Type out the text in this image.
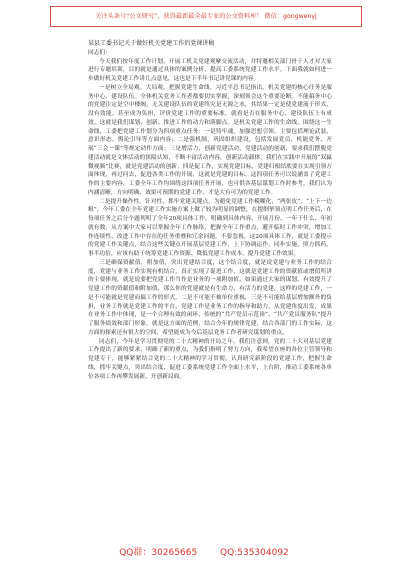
关注头条号“公文研究”，获得最新最全最专业的公文资料库！ 微信：gongwenyj

某县工委书记关于做好机关党建工作的党课讲稿

同志们：

今天我们按年度工作计划，开展工机关党建观摩交流活动，并特邀相关部门骨干人才对大家进行专题培训，目的就是通过具体的案例分析，提高工委系统党建工作水平。下面我就如何进一步做好机关党建工作讲几点意见，这也是下半年书记讲党课的内容。

一是树立全局观。大局观，把握党建生命线。习近平总书记指出，机关党建的核心任务是服务中心、建设队伍。全体机关党务工作者都要切实掌握，深刻领会这个重要论断。不能搞务中心的党建注定是空中楼阁，无关建设队伍的党建终究是无源之水，其结果一定是使党建流于形式，没有效能。甚至成为负担，评价党建工作的重要标准，就看是否在服务中心、建设队伍上有成效。这就是我们谋划、创新、推进工作的动力和落脚点。是机关党建工作的生命线，围绕这一生命线，工委把党建工作划分为四项重点任务：一是铸牢魂，加强思想引领。主要包括理论武装、意识形态、舆论引导等方面内容；二是强机制，巩固组织建设，包括发展党员、机能党务、开展“三会一课”等规定动作方面；三是增活力，创新党建活动，党建活动的创新，要求我们摆脱党建活动就是文体活动的狭隘认知，不断丰富活动内容，创新活动载体，我们在实践中开展的“双赢微视频”比赛，就是党建活动的创新；四是促工作，实现党建目标，党建归根结底要在实现引领方面体现，再过问去，促进各类工作的开展，这就是党建的目标。这四项任务可以说涵盖了党建工作的主要内容，工委全年工作均围绕这四项任务开展，也可供各基层谋划工作时参考，我们认为内涵清晰，方向明确、效果可预期的党建工作，才是大有可为的党建工作。

二是提升操作性。针对性，抓牢党建关键点。为避免党建工作模糊化、“两张皮”、“上下一边粗”，今年工委在全年党建工作实施方案上做了较为明显的调整，在提纲挈领点明工作任务后，在每项任务之后分个题列明了全年20项具体工作，明确到具体内容、开展月份、一年干什么、年初就有数，从方案中大家可以掌握全年工作脉络，把握全年工作重点，避开临时工作冲突，增加工作连续性、改进工作中存在的任务重叠和冗余问题。不要忽视，这20项具体工作，就是工委提示的党建工作关键点，结合这些关键点开展基层党建工作，上下协调运作，同步实施，照方抓药，事半功倍，应该有助于统筹党建工作资源、降低党建工作成本，提升党建工作效果。

三是确保资献值，附加值，突出党建结合度，这个结合度，就是说党建与业务工作的结合度，党建与业务工作实现有机结合，真正实现了促进工作，这就是党建工作的资献值或增值所讲的主要体现，就是说要把党建工作当作是业务的一项附加值，如果通过大家的谋划，有效提升了党建工作的资献值和附加值，那么你的党建就是有生命力、有活力的党建，这样的党建工作，一是不可能就是党建而搞工作的形式，二是不可能不被单位重视，三是不可能给基层增加额外的负担，业务工作就是党建工作的平台，党建工作是业务工作的指导和助力，从党建角度出发，成果在业务工作中体现，是一个合理有效的闭环，传统的“共产党员示范岗”、“共产党员服务队”提升了服务绩效和部门形象，就是这方面的范例，结合今年的规律党建，结合各部门的工作实际，这方面的探索还有很大的空间，希望能成为今后基层党务工作者研究谋划的重点。

同志们，今年是学习贯彻党的二十大精神的开局之年，我们注意到，党的二十大对基层党建工作提出了新的要求，明确了新的重点，为我们指明了努力方向，我希望在座的各位主管领导和党建专干，能够紧紧结合党的二十大精神的学习贯彻，认真研究新阶段的党建工作，把握生命线，抓牢关键点，突出结合度，促进工委系统党建工作全面上水平，上台阶，推动工委系统各单位各项工作再攀发展新，开创新局面。

QQ群：30265665	QQ:535304092
